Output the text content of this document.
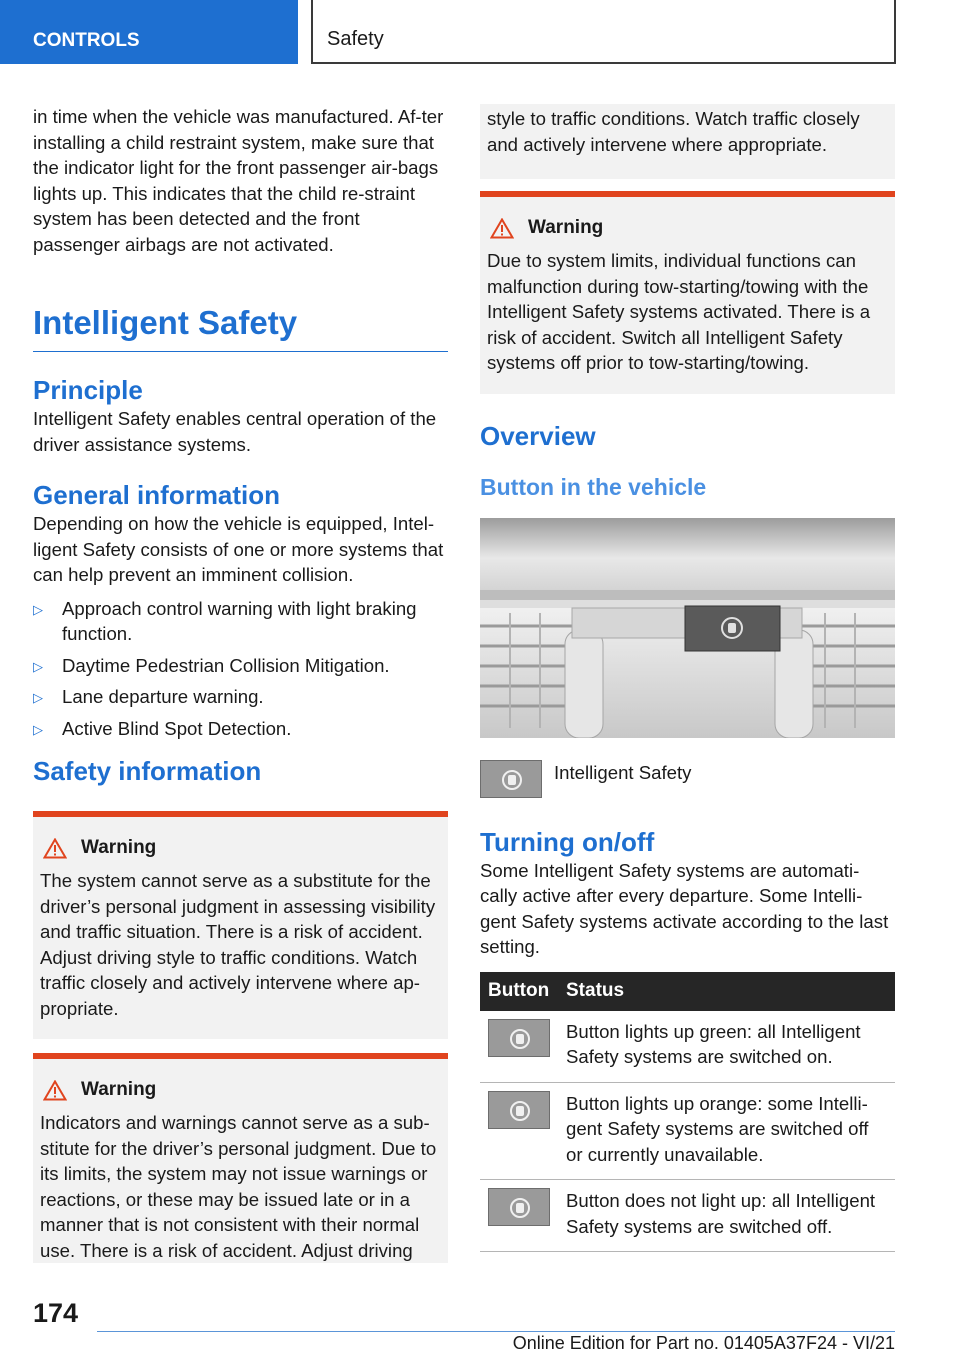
CONTROLS	Safety
in time when the vehicle was manufactured. Af-ter installing a child restraint system, make sure that the indicator light for the front passenger air-bags lights up. This indicates that the child re-straint system has been detected and the front passenger airbags are not activated.
Intelligent Safety
Principle
Intelligent Safety enables central operation of the driver assistance systems.
General information
Depending on how the vehicle is equipped, Intel-ligent Safety consists of one or more systems that can help prevent an imminent collision.
▷ Approach control warning with light braking function.
▷ Daytime Pedestrian Collision Mitigation.
▷ Lane departure warning.
▷ Active Blind Spot Detection.
Safety information
Warning
The system cannot serve as a substitute for the driver’s personal judgment in assessing visibility and traffic situation. There is a risk of accident. Adjust driving style to traffic conditions. Watch traffic closely and actively intervene where ap-propriate.
Warning
Indicators and warnings cannot serve as a sub-stitute for the driver’s personal judgment. Due to its limits, the system may not issue warnings or reactions, or these may be issued late or in a manner that is not consistent with their normal use. There is a risk of accident. Adjust driving
style to traffic conditions. Watch traffic closely and actively intervene where appropriate.
Warning
Due to system limits, individual functions can malfunction during tow-starting/towing with the Intelligent Safety systems activated. There is a risk of accident. Switch all Intelligent Safety systems off prior to tow-starting/towing.
Overview
Button in the vehicle
Intelligent Safety
Turning on/off
Some Intelligent Safety systems are automati-cally active after every departure. Some Intelli-gent Safety systems activate according to the last setting.
Button	Status

	Button lights up green: all Intelligent Safety systems are switched on.

	Button lights up orange: some Intelli-gent Safety systems are switched off or currently unavailable.

	Button does not light up: all Intelligent Safety systems are switched off.
174
Online Edition for Part no. 01405A37F24 - VI/21
